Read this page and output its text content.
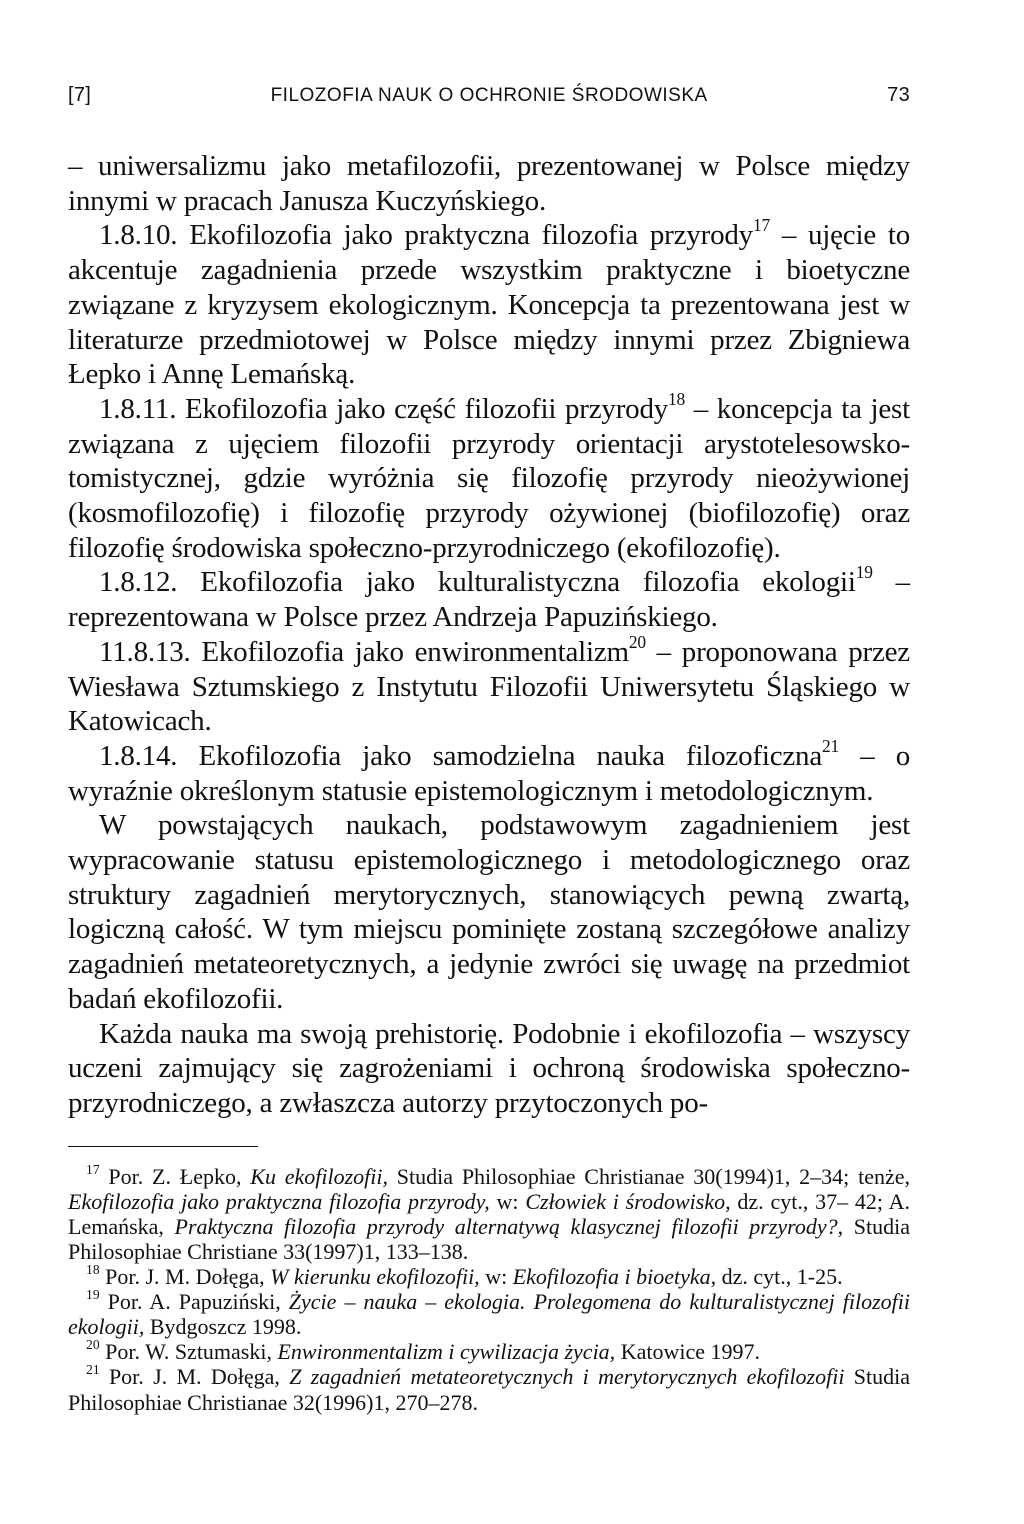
[7]	FILOZOFIA NAUK O OCHRONIE ŚRODOWISKA	73

– uniwersalizmu jako metafilozofii, prezentowanej w Polsce między innymi w pracach Janusza Kuczyńskiego.

1.8.10. Ekofilozofia jako praktyczna filozofia przyrody$^{17}$ – ujęcie to akcentuje zagadnienia przede wszystkim praktyczne i bioetyczne związane z kryzysem ekologicznym. Koncepcja ta prezentowana jest w literaturze przedmiotowej w Polsce między innymi przez Zbigniewa Łepko i Annę Lemańską.

1.8.11. Ekofilozofia jako część filozofii przyrody$^{18}$ – koncepcja ta jest związana z ujęciem filozofii przyrody orientacji arystotelesowsko-tomistycznej, gdzie wyróżnia się filozofię przyrody nieożywionej (kosmofilozofię) i filozofię przyrody ożywionej (biofilozofię) oraz filozofię środowiska społeczno-przyrodniczego (ekofilozofię).

1.8.12. Ekofilozofia jako kulturalistyczna filozofia ekologii$^{19}$ – reprezentowana w Polsce przez Andrzeja Papuzińskiego.

11.8.13. Ekofilozofia jako enwironmentalizm$^{20}$ – proponowana przez Wiesława Sztumskiego z Instytutu Filozofii Uniwersytetu Śląskiego w Katowicach.

1.8.14. Ekofilozofia jako samodzielna nauka filozoficzna$^{21}$ – o wyraźnie określonym statusie epistemologicznym i metodologicznym.

W powstających naukach, podstawowym zagadnieniem jest wypracowanie statusu epistemologicznego i metodologicznego oraz struktury zagadnień merytorycznych, stanowiących pewną zwartą, logiczną całość. W tym miejscu pominięte zostaną szczegółowe analizy zagadnień metateoretycznych, a jedynie zwróci się uwagę na przedmiot badań ekofilozofii.

Każda nauka ma swoją prehistorię. Podobnie i ekofilozofia – wszyscy uczeni zajmujący się zagrożeniami i ochroną środowiska społeczno-przyrodniczego, a zwłaszcza autorzy przytoczonych po-

$^{17}$ Por. Z. Łepko, Ku ekofilozofii, Studia Philosophiae Christianae 30(1994)1, 2–34; tenże, Ekofilozofia jako praktyczna filozofia przyrody, w: Człowiek i środowisko, dz. cyt., 37– 42; A. Lemańska, Praktyczna filozofia przyrody alternatywą klasycznej filozofii przyrody?, Studia Philosophiae Christiane 33(1997)1, 133–138.

$^{18}$ Por. J. M. Dołęga, W kierunku ekofilozofii, w: Ekofilozofia i bioetyka, dz. cyt., 1-25.

$^{19}$ Por. A. Papuziński, Życie – nauka – ekologia. Prolegomena do kulturalistycznej filozofii ekologii, Bydgoszcz 1998.

$^{20}$ Por. W. Sztumaski, Enwironmentalizm i cywilizacja życia, Katowice 1997.

$^{21}$ Por. J. M. Dołęga, Z zagadnień metateoretycznych i merytorycznych ekofilozofii Studia Philosophiae Christianae 32(1996)1, 270–278.
